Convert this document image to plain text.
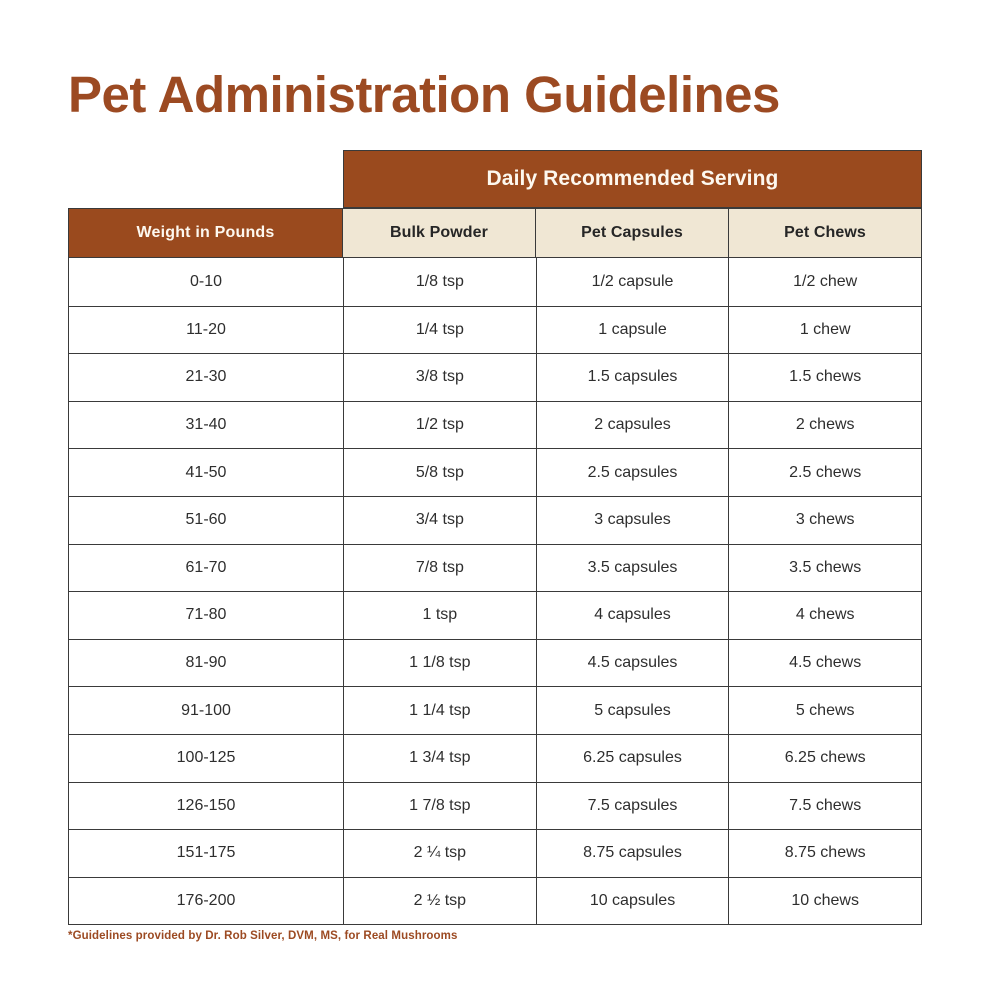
Pet Administration Guidelines
Daily Recommended Serving
Weight in Pounds	Bulk Powder	Pet Capsules	Pet Chews
0-10	1/8 tsp	1/2 capsule	1/2 chew
11-20	1/4 tsp	1 capsule	1 chew
21-30	3/8 tsp	1.5 capsules	1.5 chews
31-40	1/2 tsp	2 capsules	2 chews
41-50	5/8 tsp	2.5 capsules	2.5 chews
51-60	3/4 tsp	3 capsules	3 chews
61-70	7/8 tsp	3.5 capsules	3.5 chews
71-80	1 tsp	4 capsules	4 chews
81-90	1 1/8 tsp	4.5 capsules	4.5 chews
91-100	1 1/4 tsp	5 capsules	5 chews
100-125	1 3/4 tsp	6.25 capsules	6.25 chews
126-150	1 7/8 tsp	7.5 capsules	7.5 chews
151-175	2 ¼ tsp	8.75 capsules	8.75 chews
176-200	2 ½ tsp	10 capsules	10 chews
*Guidelines provided by Dr. Rob Silver, DVM, MS, for Real Mushrooms
